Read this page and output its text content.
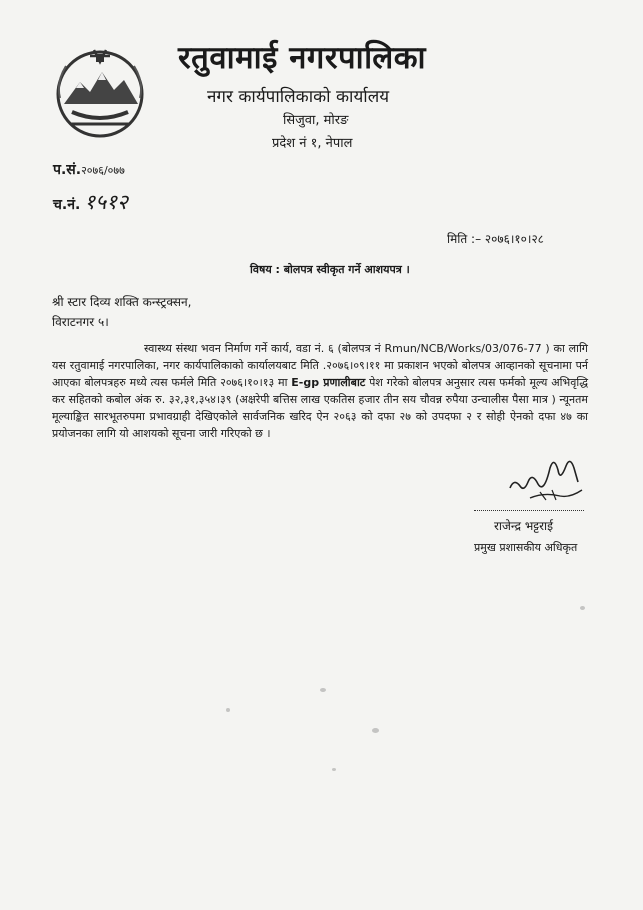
रतुवामाई नगरपालिका
नगर कार्यपालिकाको कार्यालय
सिजुवा, मोरङ
प्रदेश नं १, नेपाल
प.सं.२०७६/०७७
च.नं. १५१२
मिति :– २०७६।१०।२८
विषय : बोलपत्र स्वीकृत गर्ने आशयपत्र ।
श्री स्टार दिव्य शक्ति कन्स्ट्रक्सन,
विराटनगर ५।
स्वास्थ्य संस्था भवन निर्माण गर्ने कार्य, वडा नं. ६ (बोलपत्र नं Rmun/NCB/Works/03/076-77 ) का लागि यस रतुवामाई नगरपालिका, नगर कार्यपालिकाको कार्यालयबाट मिति .२०७६।०९।११ मा प्रकाशन भएको बोलपत्र आव्हानको सूचनामा पर्न आएका बोलपत्रहरु मध्ये त्यस फर्मले मिति २०७६।१०।१३ मा E-gp प्रणालीबाट पेश गरेको बोलपत्र अनुसार त्यस फर्मको मूल्य अभिवृद्धि कर सहितको कबोल अंक रु. ३२,३१,३५४।३९ (अक्षरेपी बत्तिस लाख एकतिस हजार तीन सय चौवन्न रुपैया उन्चालीस पैसा मात्र ) न्यूनतम मूल्याङ्कित सारभूतरुपमा प्रभावग्राही देखिएकोले सार्वजनिक खरिद ऐन २०६३ को दफा २७ को उपदफा २ र सोही ऐनको दफा ४७ का प्रयोजनका लागि यो आशयको सूचना जारी गरिएको छ ।
राजेन्द्र भट्टराई
प्रमुख प्रशासकीय अधिकृत
